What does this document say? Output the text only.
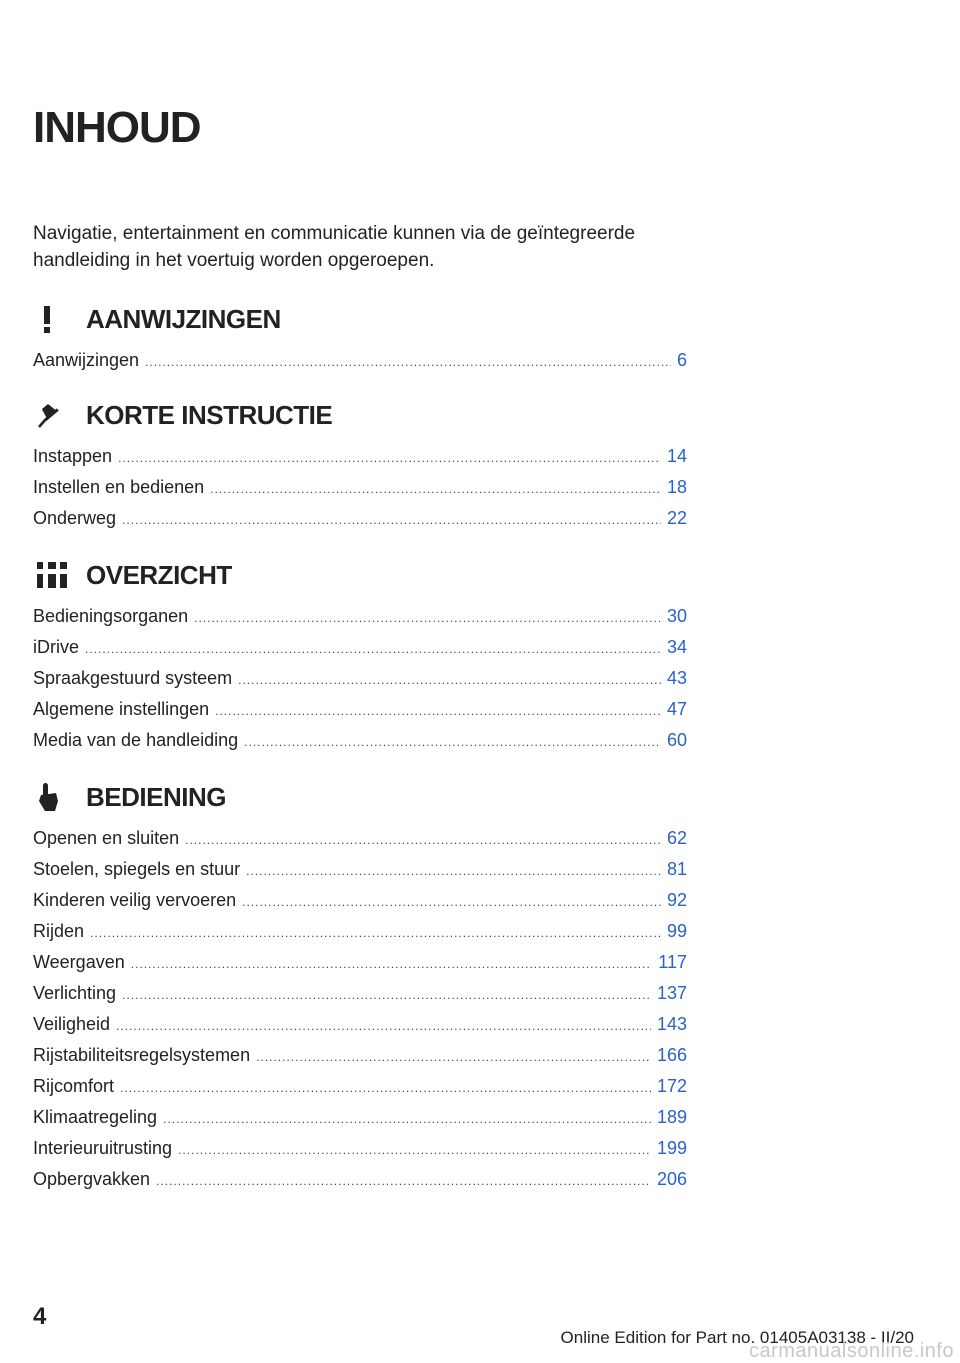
INHOUD

Navigatie, entertainment en communicatie kunnen via de geïntegreerde handleiding in het voertuig worden opgeroepen.

AANWIJZINGEN
Aanwijzingen .....	6
KORTE INSTRUCTIE
Instappen .....	14
Instellen en bedienen .....	18
Onderweg .....	22
OVERZICHT
Bedieningsorganen .....	30
iDrive .....	34
Spraakgestuurd systeem .....	43
Algemene instellingen .....	47
Media van de handleiding .....	60
BEDIENING
Openen en sluiten .....	62
Stoelen, spiegels en stuur .....	81
Kinderen veilig vervoeren .....	92
Rijden .....	99
Weergaven .....	117
Verlichting .....	137
Veiligheid .....	143
Rijstabiliteitsregelsystemen .....	166
Rijcomfort .....	172
Klimaatregeling .....	189
Interieuruitrusting .....	199
Opbergvakken .....	206

4

Online Edition for Part no. 01405A03138 - II/20

carmanualsonline.info
